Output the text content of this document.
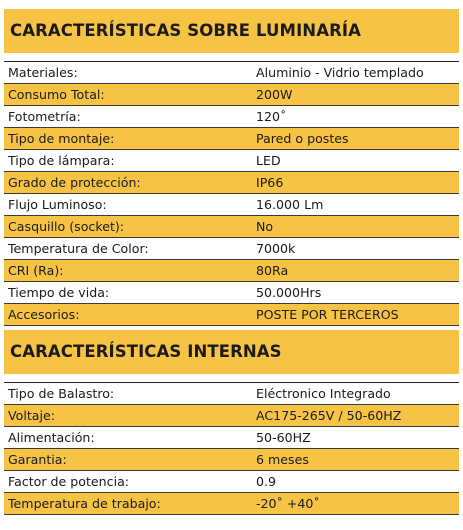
CARACTERÍSTICAS SOBRE LUMINARÍA
Materiales:	Aluminio - Vidrio templado
Consumo Total:	200W
Fotometría:	120˚
Tipo de montaje:	Pared o postes
Tipo de lámpara:	LED
Grado de protección:	IP66
Flujo Luminoso:	16.000 Lm
Casquillo (socket):	No
Temperatura de Color:	7000k
CRI (Ra):	80Ra
Tiempo de vida:	50.000Hrs
Accesorios:	POSTE POR TERCEROS
CARACTERÍSTICAS INTERNAS
Tipo de Balastro:	Eléctronico Integrado
Voltaje:	AC175-265V / 50-60HZ
Alimentación:	50-60HZ
Garantia:	6 meses
Factor de potencia:	0.9
Temperatura de trabajo:	-20˚ +40˚
